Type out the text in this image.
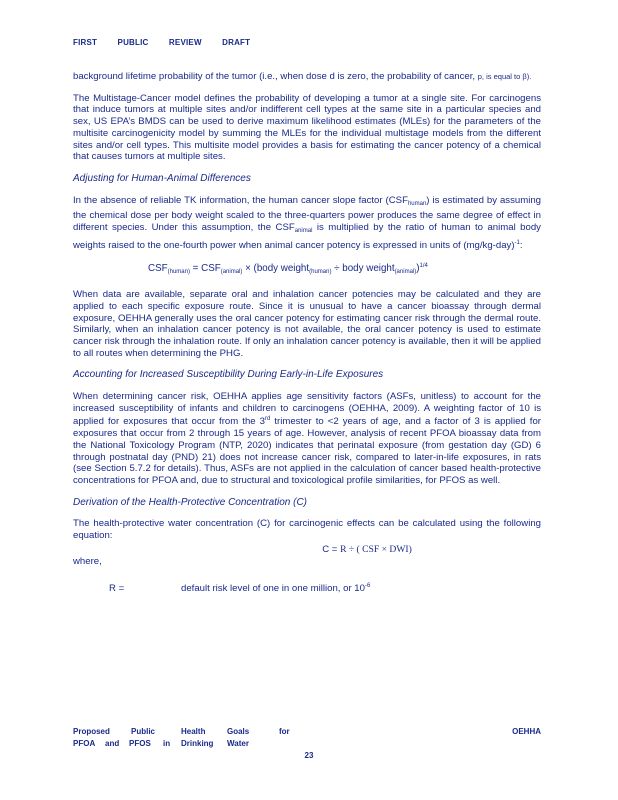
FIRST PUBLIC REVIEW DRAFT

background lifetime probability of the tumor (i.e., when dose d is zero, the probability of cancer, p, is equal to β).

The Multistage-Cancer model defines the probability of developing a tumor at a single site. For carcinogens that induce tumors at multiple sites and/or indifferent cell types at the same site in a particular species and sex, US EPA’s BMDS can be used to derive maximum likelihood estimates (MLEs) for the parameters of the multisite carcinogenicity model by summing the MLEs for the individual multistage models from the different sites and/or cell types. This multisite model provides a basis for estimating the cancer potency of a chemical that causes tumors at multiple sites.

Adjusting for Human-Animal Differences

In the absence of reliable TK information, the human cancer slope factor $(CSF_{human})$ is estimated by assuming the chemical dose per body weight scaled to the three-quarters power produces the same degree of effect in different species. Under this assumption, the $CSF_{animal}$ is multiplied by the ratio of human to animal body weights raised to the one-fourth power when animal cancer potency is expressed in units of $(mg/kg-day)^{-1}$:

$CSF_{(human)} = CSF_{(animal)}$ × (body weight$_{(human)}$ ÷ body weight$_{(animal)}$)$^{1/4}$

When data are available, separate oral and inhalation cancer potencies may be calculated and they are applied to each specific exposure route. Since it is unusual to have a cancer bioassay through dermal exposure, OEHHA generally uses the oral cancer potency for estimating cancer risk through the dermal route. Similarly, when an inhalation cancer potency is not available, the oral cancer potency is used to estimate cancer risk through the inhalation route. If only an inhalation cancer potency is available, then it will be applied to all routes when determining the PHG.

Accounting for Increased Susceptibility During Early-in-Life Exposures

When determining cancer risk, OEHHA applies age sensitivity factors (ASFs, unitless) to account for the increased susceptibility of infants and children to carcinogens (OEHHA, 2009). A weighting factor of 10 is applied for exposures that occur from the 3rd trimester to <2 years of age, and a factor of 3 is applied for exposures that occur from 2 through 15 years of age. However, analysis of recent PFOA bioassay data from the National Toxicology Program (NTP, 2020) indicates that perinatal exposure (from gestation day (GD) 6 through postnatal day (PND) 21) does not increase cancer risk, compared to later-in-life exposures, in rats (see Section 5.7.2 for details). Thus, ASFs are not applied in the calculation of cancer based health-protective concentrations for PFOA and, due to structural and toxicological profile similarities, for PFOS as well.

Derivation of the Health-Protective Concentration (C)

The health-protective water concentration (C) for carcinogenic effects can be calculated using the following equation:

C = R ÷ ( CSF × DWI)
where,
R =	default risk level of one in one million, or $10^{-6}$
Proposed	Public	Health	Goals	for	OEHHA
PFOA	and	PFOS	in	Drinking	Water
23
